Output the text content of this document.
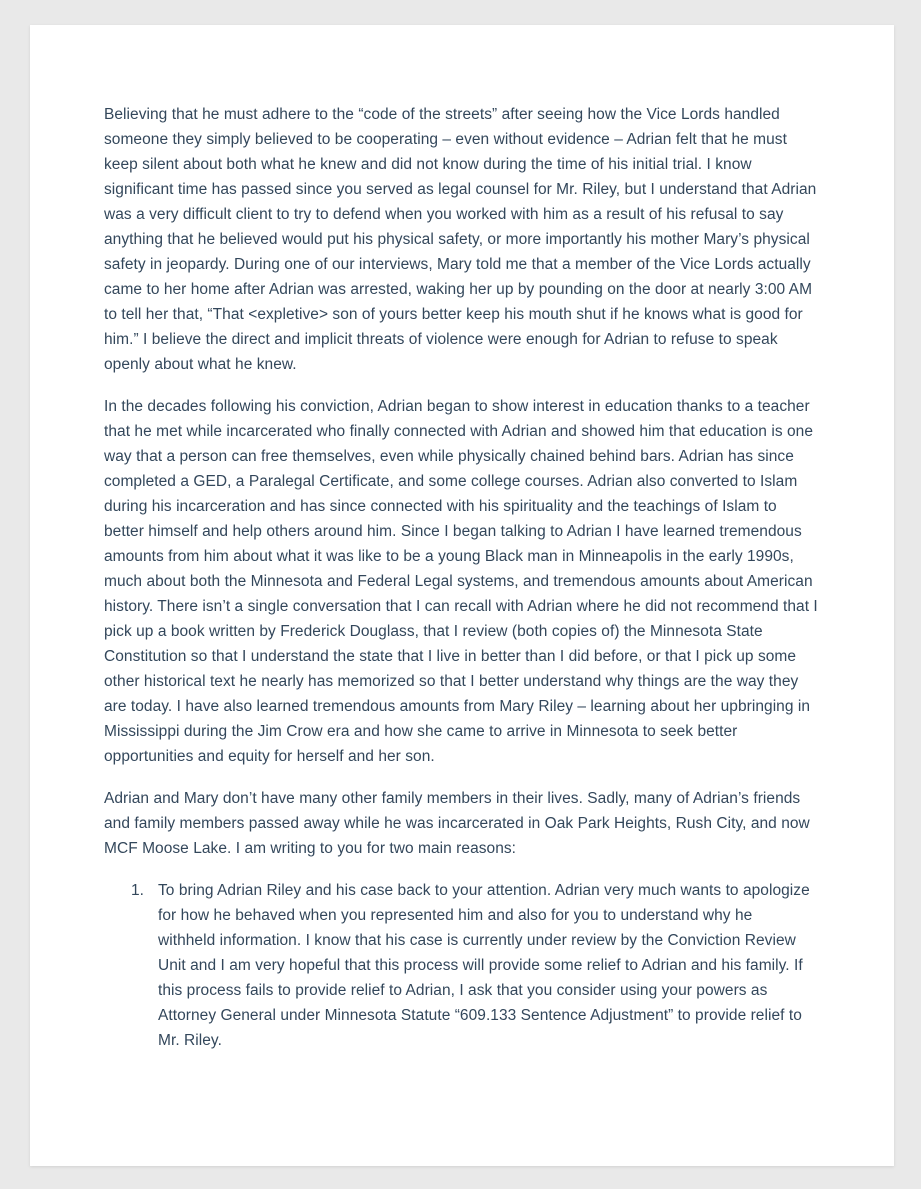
Believing that he must adhere to the “code of the streets” after seeing how the Vice Lords handled someone they simply believed to be cooperating – even without evidence – Adrian felt that he must keep silent about both what he knew and did not know during the time of his initial trial. I know significant time has passed since you served as legal counsel for Mr. Riley, but I understand that Adrian was a very difficult client to try to defend when you worked with him as a result of his refusal to say anything that he believed would put his physical safety, or more importantly his mother Mary’s physical safety in jeopardy. During one of our interviews, Mary told me that a member of the Vice Lords actually came to her home after Adrian was arrested, waking her up by pounding on the door at nearly 3:00 AM to tell her that, “That <expletive> son of yours better keep his mouth shut if he knows what is good for him.” I believe the direct and implicit threats of violence were enough for Adrian to refuse to speak openly about what he knew.

In the decades following his conviction, Adrian began to show interest in education thanks to a teacher that he met while incarcerated who finally connected with Adrian and showed him that education is one way that a person can free themselves, even while physically chained behind bars. Adrian has since completed a GED, a Paralegal Certificate, and some college courses. Adrian also converted to Islam during his incarceration and has since connected with his spirituality and the teachings of Islam to better himself and help others around him. Since I began talking to Adrian I have learned tremendous amounts from him about what it was like to be a young Black man in Minneapolis in the early 1990s, much about both the Minnesota and Federal Legal systems, and tremendous amounts about American history. There isn’t a single conversation that I can recall with Adrian where he did not recommend that I pick up a book written by Frederick Douglass, that I review (both copies of) the Minnesota State Constitution so that I understand the state that I live in better than I did before, or that I pick up some other historical text he nearly has memorized so that I better understand why things are the way they are today. I have also learned tremendous amounts from Mary Riley – learning about her upbringing in Mississippi during the Jim Crow era and how she came to arrive in Minnesota to seek better opportunities and equity for herself and her son.

Adrian and Mary don’t have many other family members in their lives. Sadly, many of Adrian’s friends and family members passed away while he was incarcerated in Oak Park Heights, Rush City, and now MCF Moose Lake. I am writing to you for two main reasons:

1. To bring Adrian Riley and his case back to your attention. Adrian very much wants to apologize for how he behaved when you represented him and also for you to understand why he withheld information. I know that his case is currently under review by the Conviction Review Unit and I am very hopeful that this process will provide some relief to Adrian and his family. If this process fails to provide relief to Adrian, I ask that you consider using your powers as Attorney General under Minnesota Statute “609.133 Sentence Adjustment” to provide relief to Mr. Riley.
